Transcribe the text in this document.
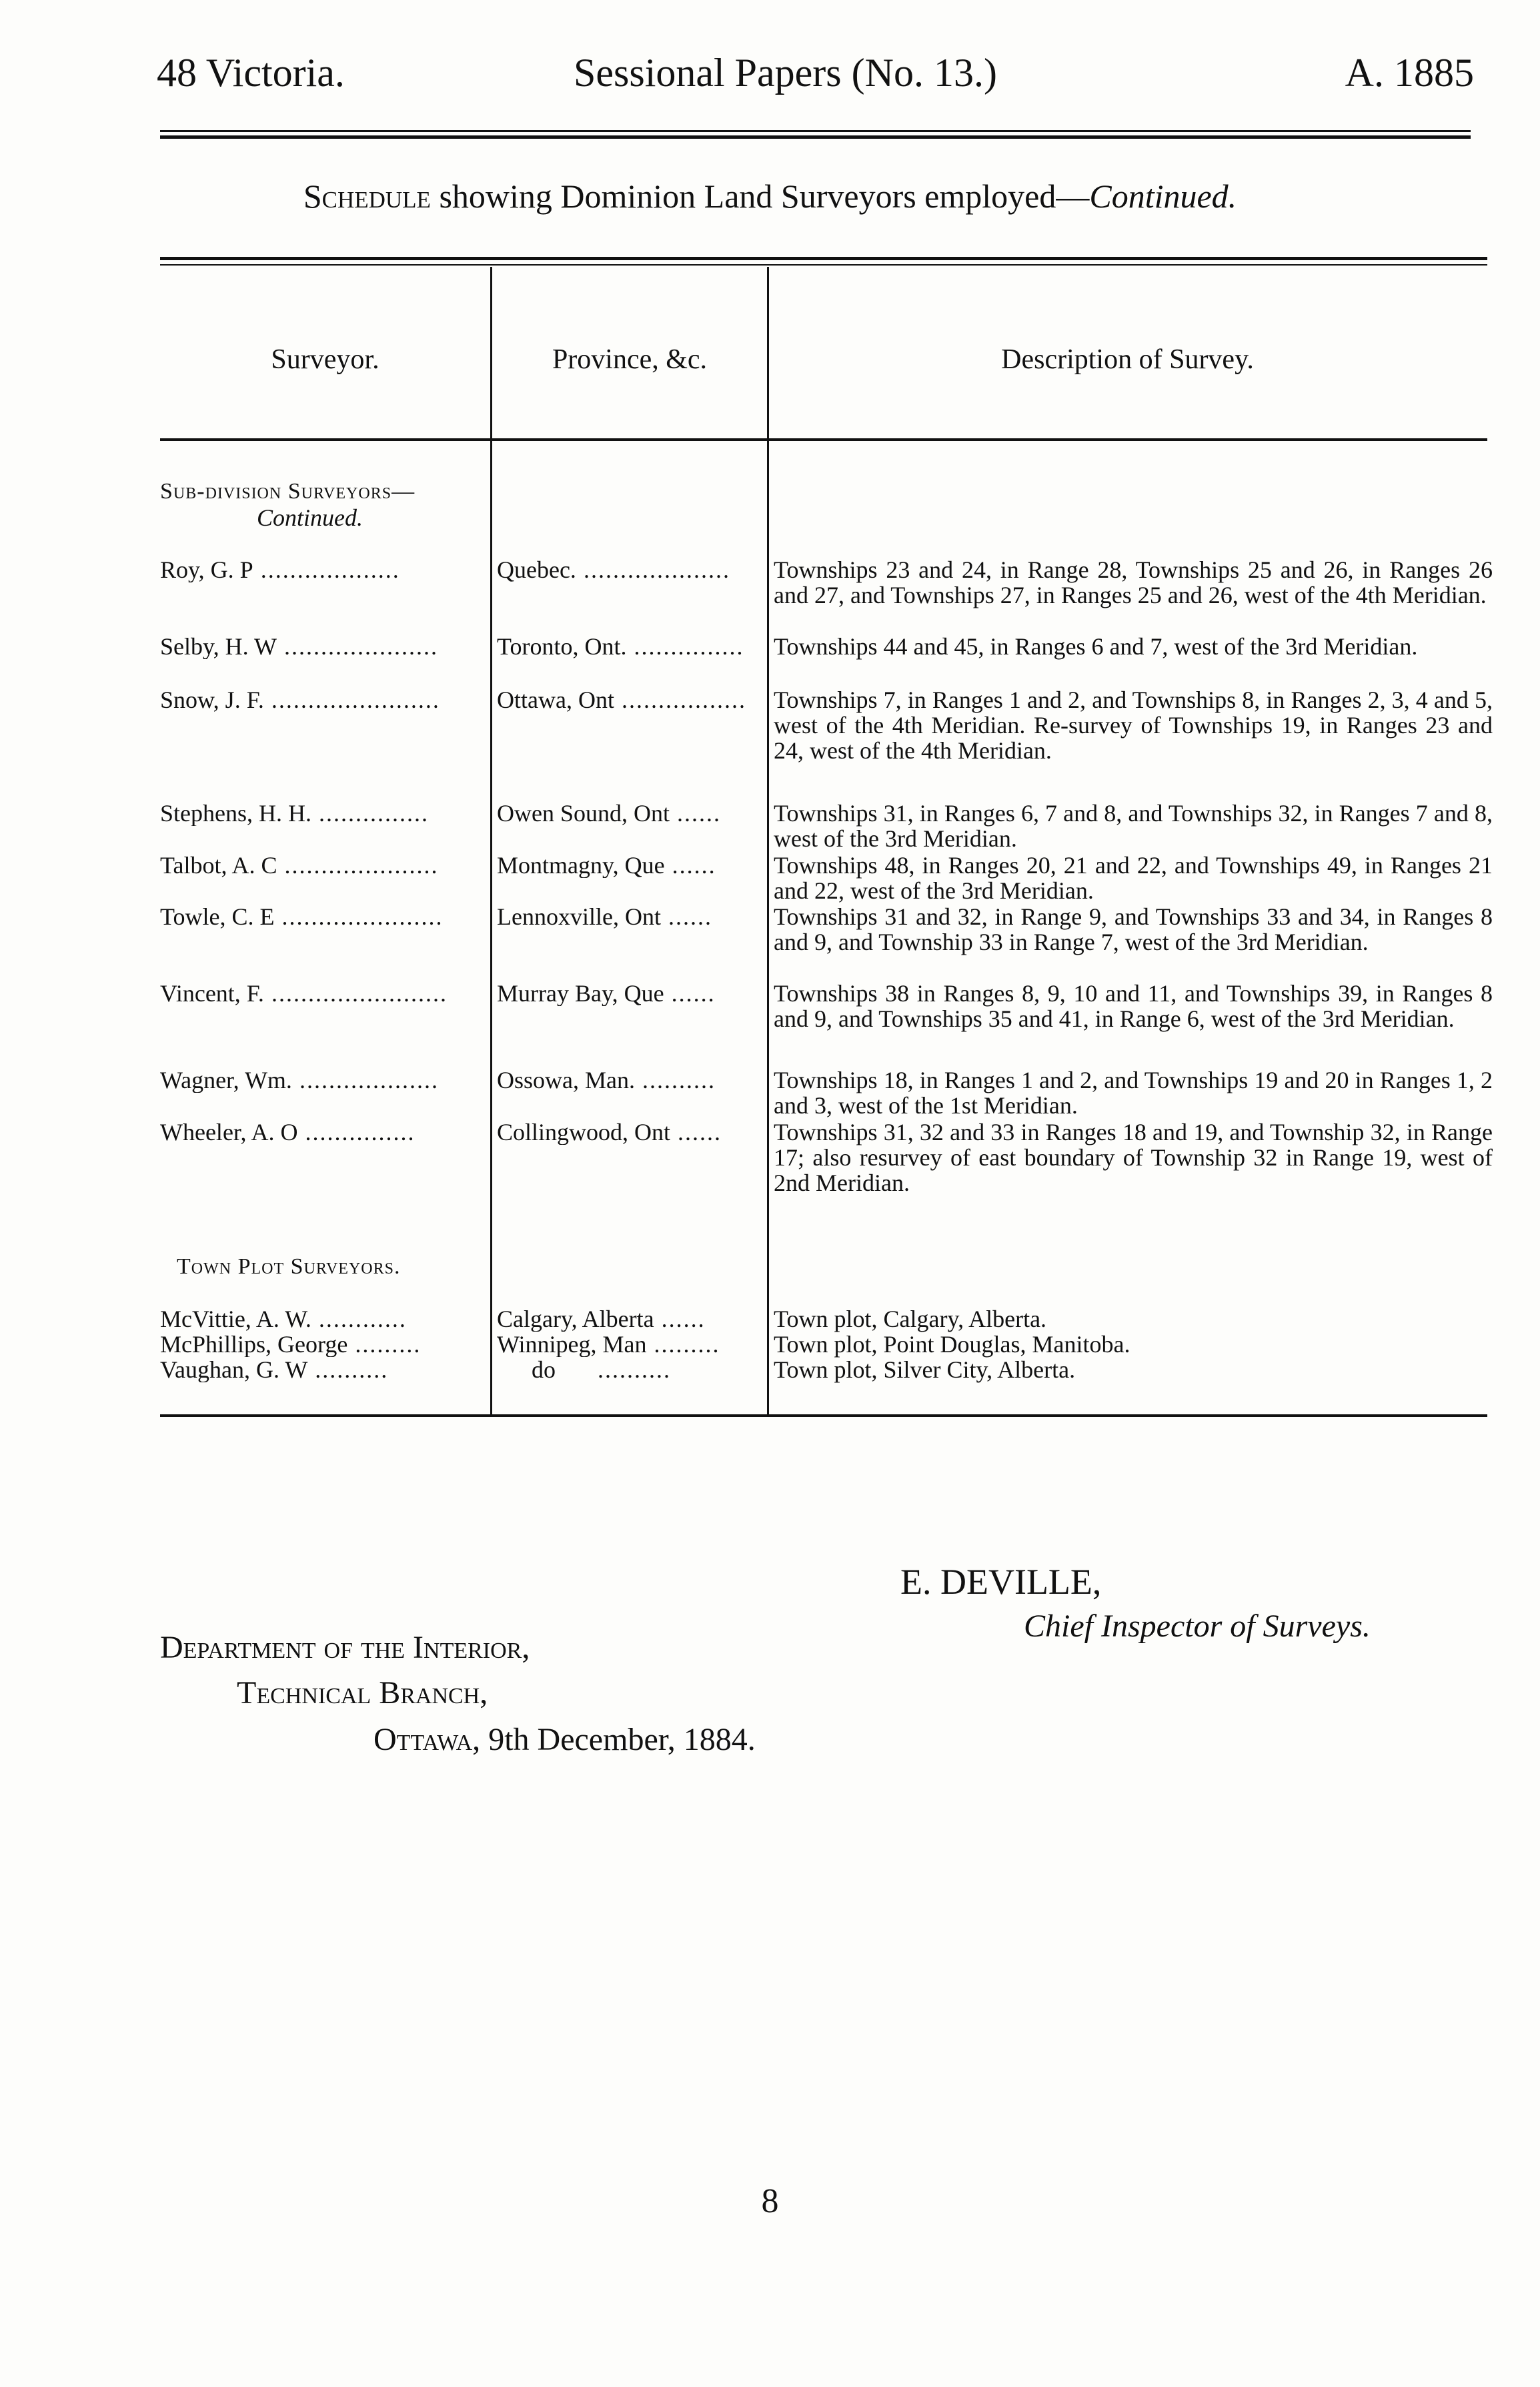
48 Victoria.	Sessional Papers (No. 13.)	A. 1885
Schedule showing Dominion Land Surveyors employed—Continued.
Surveyor.	Province, &c.	Description of Survey.
Sub-division Surveyors—
Continued.
Roy, G. P ...................	Quebec. ....................	Townships 23 and 24, in Range 28, Townships 25 and 26, in Ranges 26 and 27, and Townships 27, in Ranges 25 and 26, west of the 4th Meridian.
Selby, H. W .....................	Toronto, Ont. ...............	Townships 44 and 45, in Ranges 6 and 7, west of the 3rd Meridian.
Snow, J. F. .......................	Ottawa, Ont .................	Townships 7, in Ranges 1 and 2, and Townships 8, in Ranges 2, 3, 4 and 5, west of the 4th Meridian. Re-survey of Townships 19, in Ranges 23 and 24, west of the 4th Meridian.
Stephens, H. H. ...............	Owen Sound, Ont ......	Townships 31, in Ranges 6, 7 and 8, and Townships 32, in Ranges 7 and 8, west of the 3rd Meridian.
Talbot, A. C .....................	Montmagny, Que ......	Townships 48, in Ranges 20, 21 and 22, and Townships 49, in Ranges 21 and 22, west of the 3rd Meridian.
Towle, C. E ......................	Lennoxville, Ont ......	Townships 31 and 32, in Range 9, and Townships 33 and 34, in Ranges 8 and 9, and Township 33 in Range 7, west of the 3rd Meridian.
Vincent, F. ........................	Murray Bay, Que ......	Townships 38 in Ranges 8, 9, 10 and 11, and Townships 39, in Ranges 8 and 9, and Townships 35 and 41, in Range 6, west of the 3rd Meridian.
Wagner, Wm. ...................	Ossowa, Man. ..........	Townships 18, in Ranges 1 and 2, and Townships 19 and 20 in Ranges 1, 2 and 3, west of the 1st Meridian.
Wheeler, A. O ...............	Collingwood, Ont ......	Townships 31, 32 and 33 in Ranges 18 and 19, and Township 32, in Range 17; also resurvey of east boundary of Township 32 in Range 19, west of 2nd Meridian.
Town Plot Surveyors.
McVittie, A. W. ............	Calgary, Alberta ......	Town plot, Calgary, Alberta.
McPhillips, George .........	Winnipeg, Man .........	Town plot, Point Douglas, Manitoba.
Vaughan, G. W ..........	do ..........	Town plot, Silver City, Alberta.
E. DEVILLE,
Chief Inspector of Surveys.
Department of the Interior,
Technical Branch,
Ottawa, 9th December, 1884.
8
